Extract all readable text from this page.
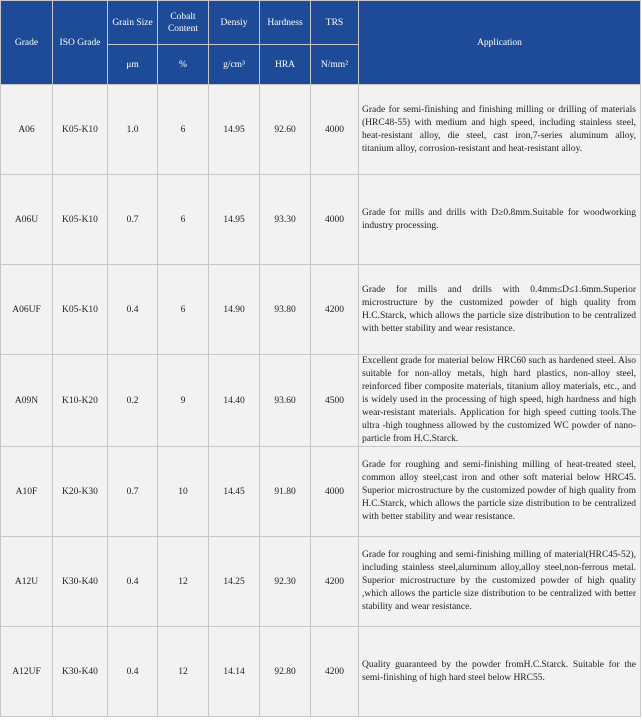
Grade	ISO Grade	Grain Size	Cobalt Content	Densiy	Hardness	TRS	Application
		μm	%	g/cm³	HRA	N/mm²	
A06	K05-K10	1.0	6	14.95	92.60	4000	Grade for semi-finishing and finishing milling or drilling of materials (HRC48-55) with medium and high speed, including stainless steel, heat-resistant alloy, die steel, cast iron,7-series aluminum alloy, titanium alloy, corrosion-resistant and heat-resistant alloy.
A06U	K05-K10	0.7	6	14.95	93.30	4000	Grade for mills and drills with D≥0.8mm.Suitable for woodworking industry processing.
A06UF	K05-K10	0.4	6	14.90	93.80	4200	Grade for mills and drills with 0.4mm≤D≤1.6mm.Superior microstructure by the customized powder of high quality from H.C.Starck, which allows the particle size distribution to be centralized with better stability and wear resistance.
A09N	K10-K20	0.2	9	14.40	93.60	4500	Excellent grade for material below HRC60 such as hardened steel. Also suitable for non-alloy metals, high hard plastics, non-alloy steel, reinforced fiber composite materials, titanium alloy materials, etc., and is widely used in the processing of high speed, high hardness and high wear-resistant materials. Application for high speed cutting tools.The ultra -high toughness allowed by the customized WC powder of nano-particle from H.C.Starck.
A10F	K20-K30	0.7	10	14.45	91.80	4000	Grade for roughing and semi-finishing milling of heat-treated steel, common alloy steel,cast iron and other soft material below HRC45. Superior microstructure by the customized powder of high quality from H.C.Starck, which allows the particle size distribution to be centralized with better stability and wear resistance.
A12U	K30-K40	0.4	12	14.25	92.30	4200	Grade for roughing and semi-finishing milling of material(HRC45-52), including stainless steel,aluminum alloy,alloy steel,non-ferrous metal. Superior microstructure by the customized powder of high quality ,which allows the particle size distribution to be centralized with better stability and wear resistance.
A12UF	K30-K40	0.4	12	14.14	92.80	4200	Quality guaranteed by the powder fromH.C.Starck. Suitable for the semi-finishing of high hard steel below HRC55.
